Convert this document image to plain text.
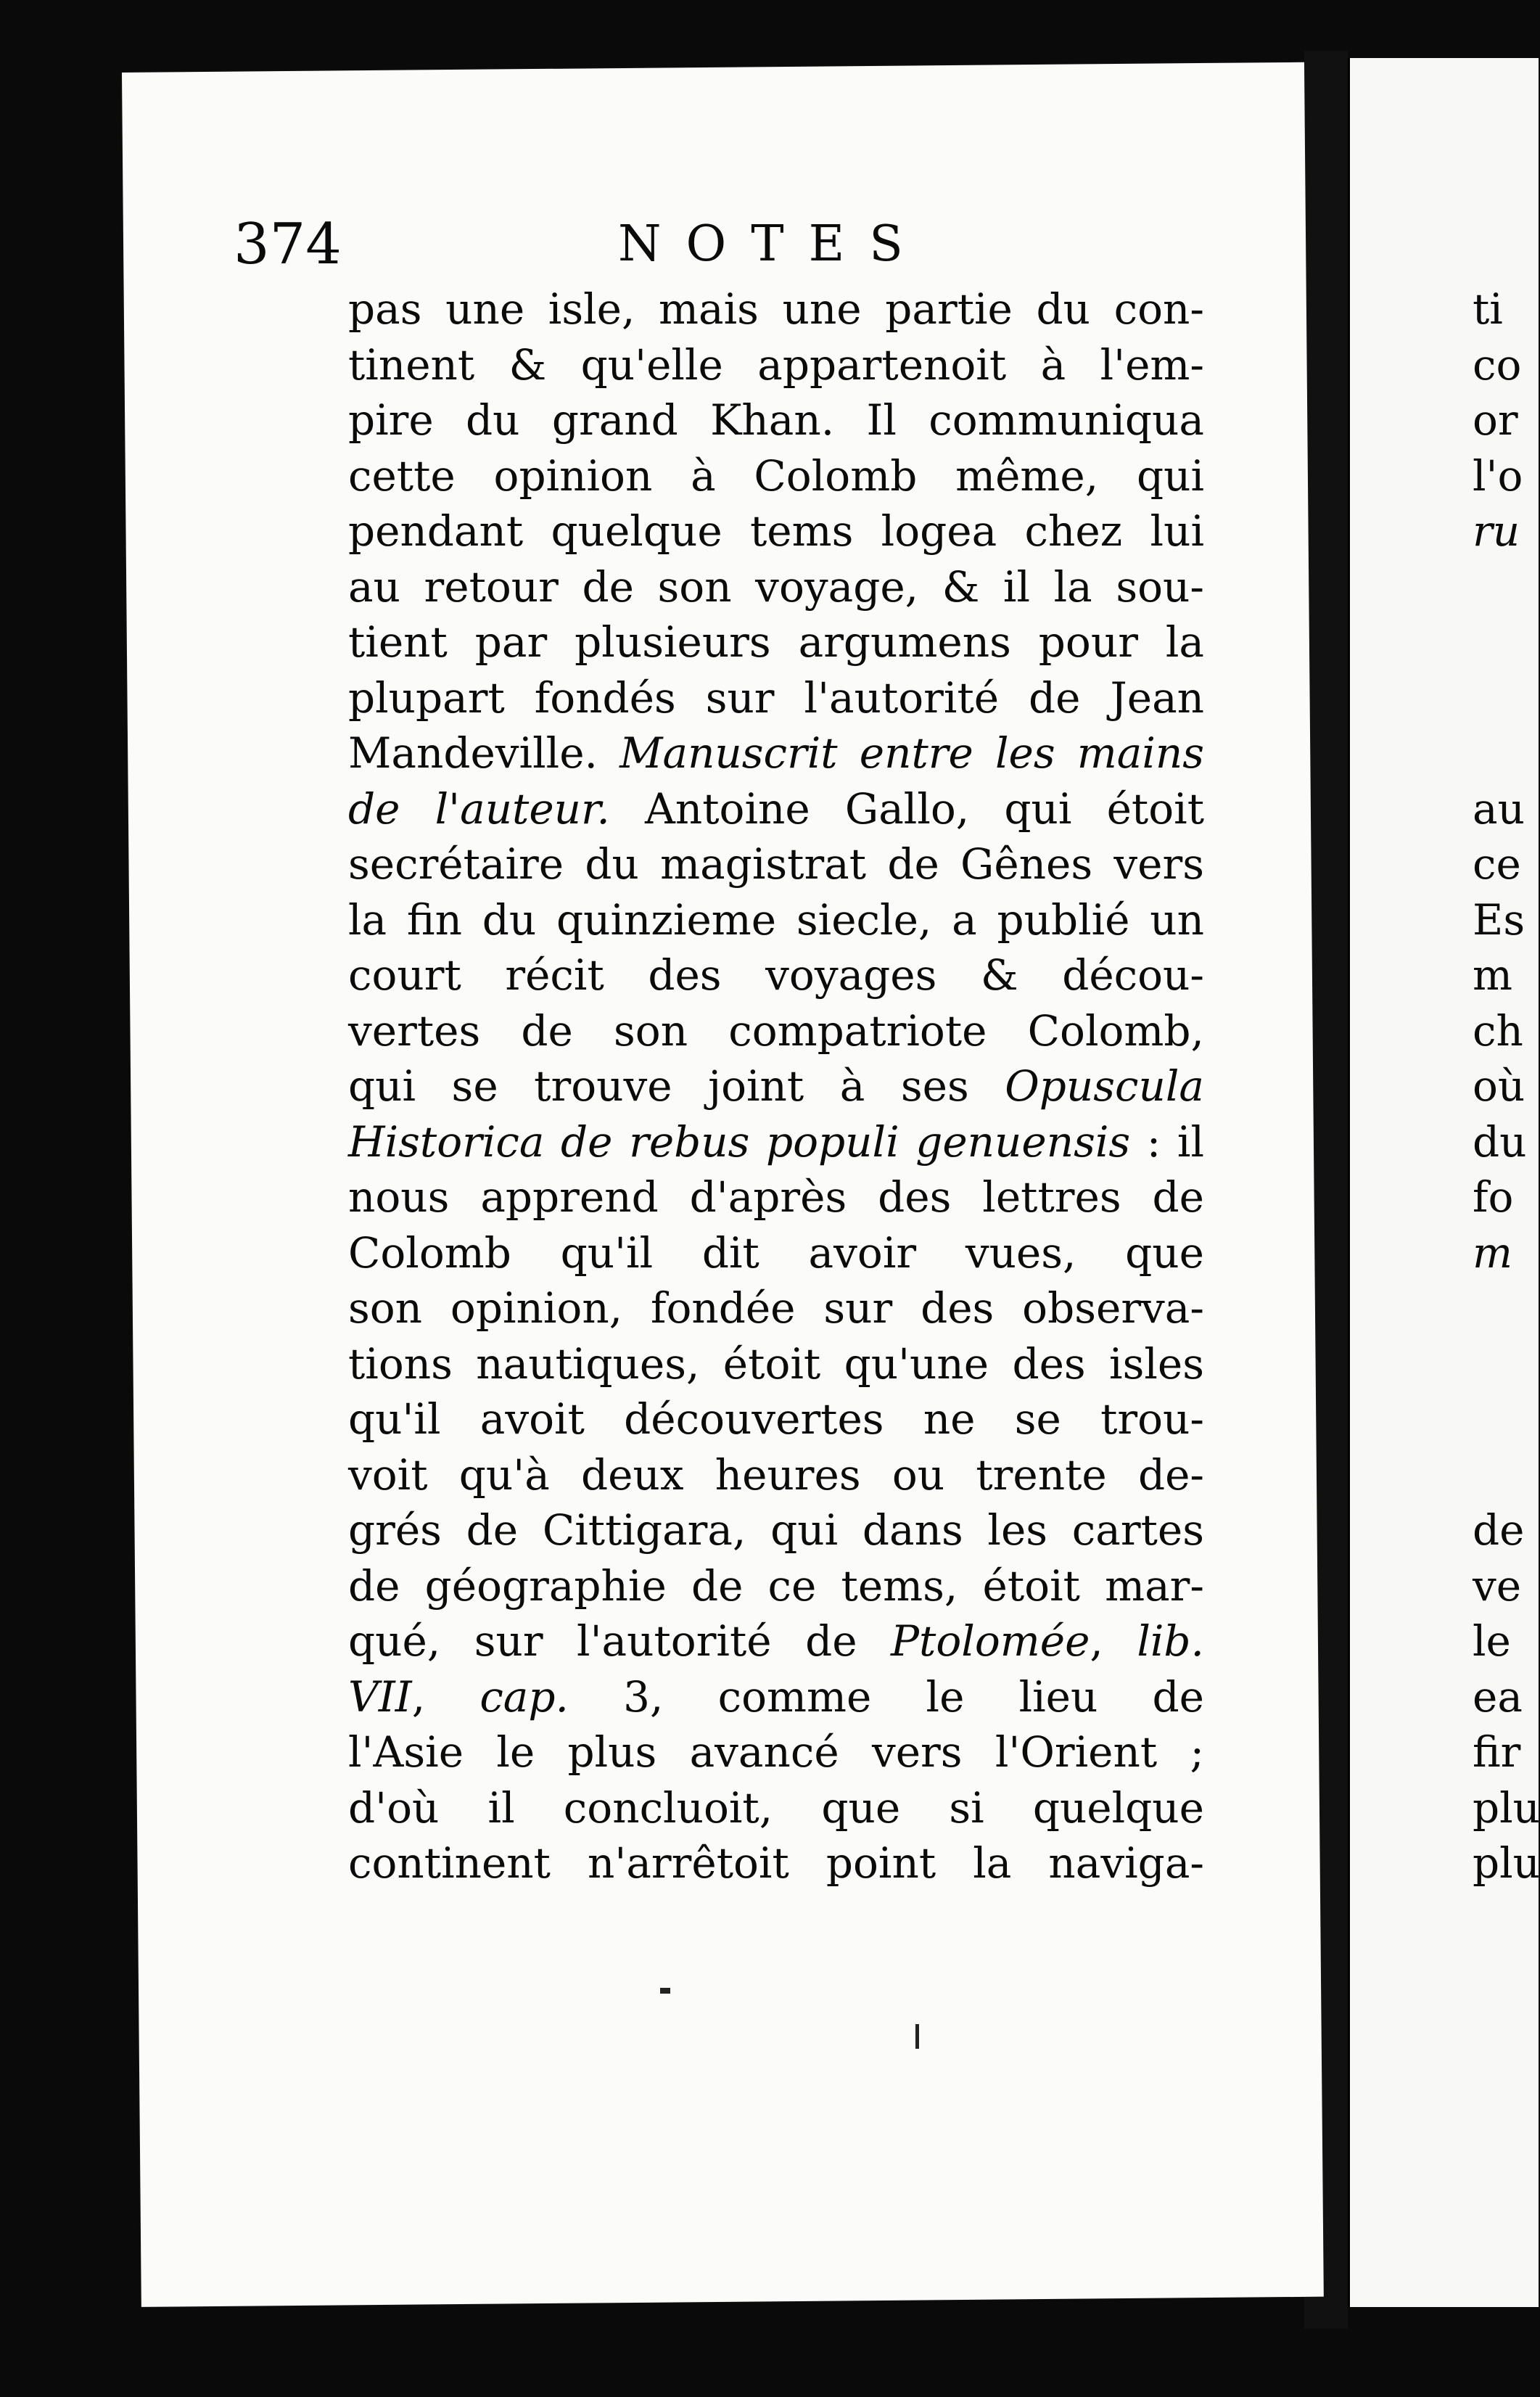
374	NOTES
pas une isle, mais une partie du con-
tinent & qu'elle appartenoit à l'em-
pire du grand Khan. Il communiqua
cette opinion à Colomb même, qui
pendant quelque tems logea chez lui
au retour de son voyage, & il la sou-
tient par plusieurs argumens pour la
plupart fondés sur l'autorité de Jean
Mandeville. Manuscrit entre les mains
de l'auteur. Antoine Gallo, qui étoit
secrétaire du magistrat de Gênes vers
la fin du quinzieme siecle, a publié un
court récit des voyages & décou-
vertes de son compatriote Colomb,
qui se trouve joint à ses Opuscula
Historica de rebus populi genuensis : il
nous apprend d'après des lettres de
Colomb qu'il dit avoir vues, que
son opinion, fondée sur des observa-
tions nautiques, étoit qu'une des isles
qu'il avoit découvertes ne se trou-
voit qu'à deux heures ou trente de-
grés de Cittigara, qui dans les cartes
de géographie de ce tems, étoit mar-
qué, sur l'autorité de Ptolomée, lib.
VII, cap. 3, comme le lieu de
l'Asie le plus avancé vers l'Orient ;
d'où il concluoit, que si quelque
continent n'arrêtoit point la naviga-
ti
co
or
l'o
ru
au
ce
Es
m
ch
où
du
fo
m
de
ve
le
ea
fir
plu
plu
